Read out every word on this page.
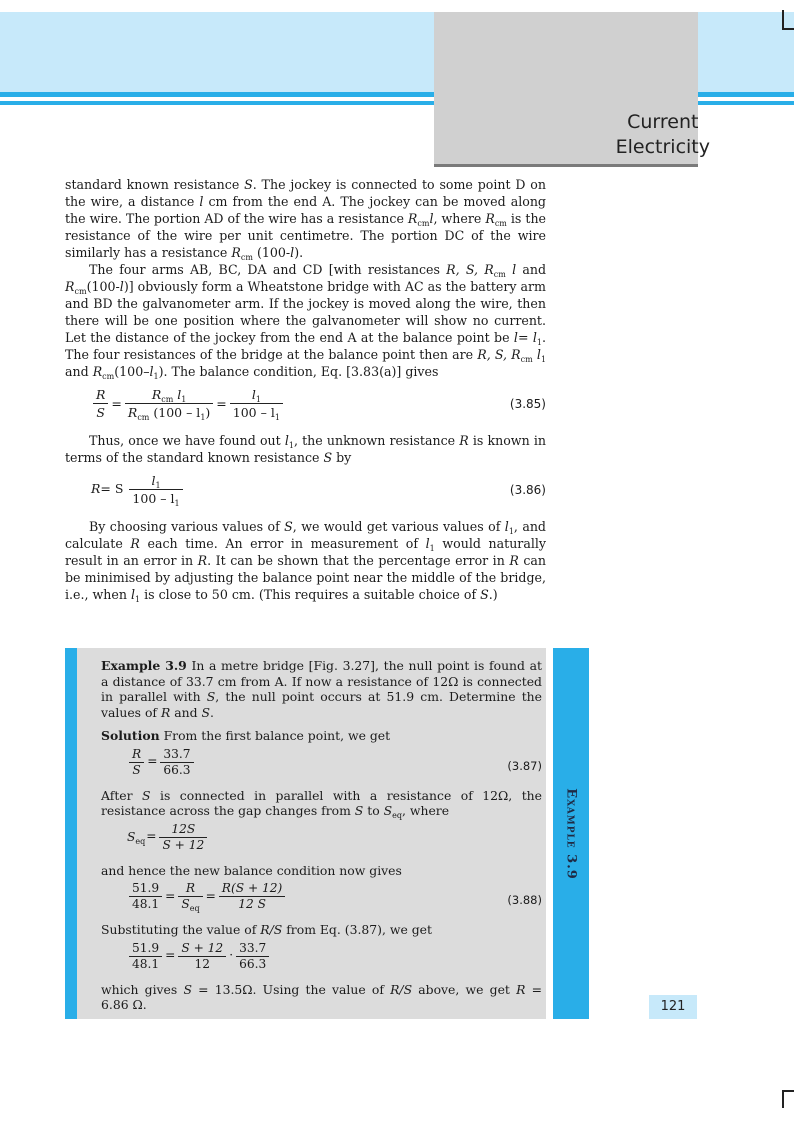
Current
Electricity

standard known resistance S. The jockey is connected to some point D on the wire, a distance l cm from the end A. The jockey can be moved along the wire. The portion AD of the wire has a resistance $R_{cm}l$, where $R_{cm}$ is the resistance of the wire per unit centimetre. The portion DC of the wire similarly has a resistance $R_{cm}$ (100-l).

The four arms AB, BC, DA and CD [with resistances R, S, $R_{cm}$ l and $R_{cm}(100-l)$] obviously form a Wheatstone bridge with AC as the battery arm and BD the galvanometer arm. If the jockey is moved along the wire, then there will be one position where the galvanometer will show no current. Let the distance of the jockey from the end A at the balance point be $l= l_1$. The four resistances of the bridge at the balance point then are R, S, $R_{cm}$ $l_1$ and $R_{cm}(100-l_1)$. The balance condition, Eq. [3.83(a)] gives

$\frac{R}{S} = \frac{R_{cm} l_1}{R_{cm} (100 - l_1)} = \frac{l_1}{100 - l_1}$	(3.85)

Thus, once we have found out $l_1$, the unknown resistance R is known in terms of the standard known resistance S by

R= S $\frac{l_1}{100 - l_1}$	(3.86)

By choosing various values of S, we would get various values of $l_1$, and calculate R each time. An error in measurement of $l_1$ would naturally result in an error in R. It can be shown that the percentage error in R can be minimised by adjusting the balance point near the middle of the bridge, i.e., when $l_1$ is close to 50 cm. (This requires a suitable choice of S.)

Example 3.9 In a metre bridge [Fig. 3.27], the null point is found at a distance of 33.7 cm from A. If now a resistance of 12Ω is connected in parallel with S, the null point occurs at 51.9 cm. Determine the values of R and S.

Solution From the first balance point, we get

$\frac{R}{S} = \frac{33.7}{66.3}$	(3.87)

After S is connected in parallel with a resistance of 12Ω, the resistance across the gap changes from S to $S_{eq}$, where

$S_{eq}= \frac{12S}{S + 12}$

and hence the new balance condition now gives

$\frac{51.9}{48.1} = \frac{R}{S_{eq}} = \frac{R(S + 12)}{12 S}$	(3.88)

Substituting the value of R/S from Eq. (3.87), we get

$\frac{51.9}{48.1} = \frac{S + 12}{12} \cdot \frac{33.7}{66.3}$

which gives S = 13.5Ω. Using the value of R/S above, we get R = 6.86 Ω.

Example 3.9
121
